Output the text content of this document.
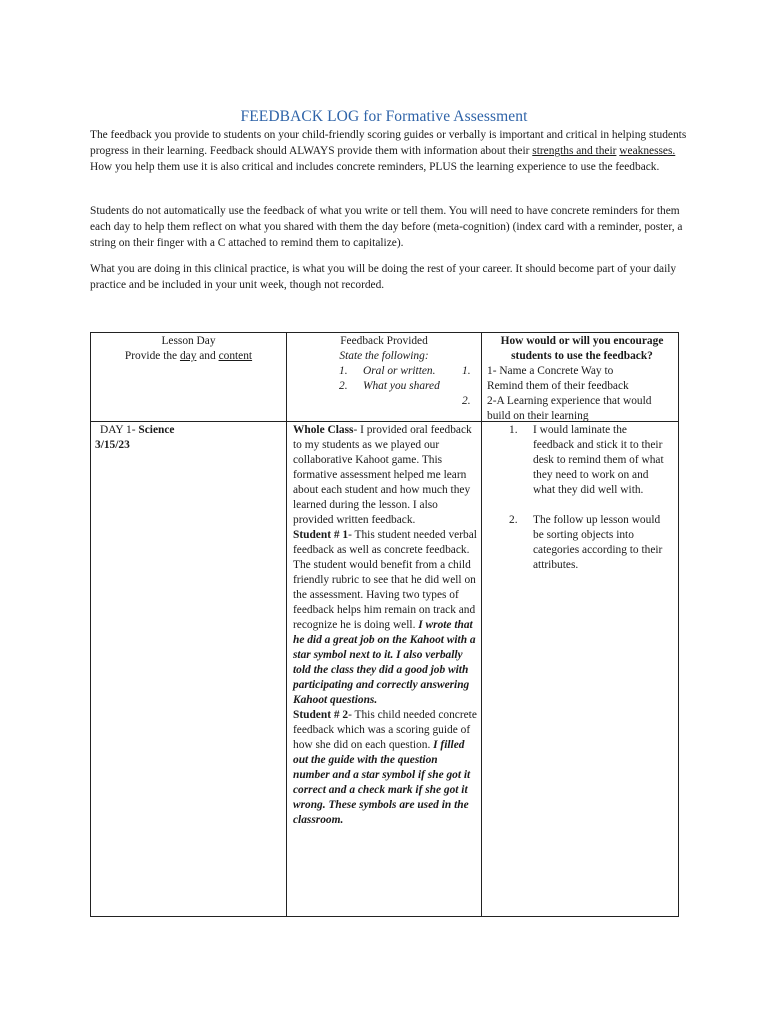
FEEDBACK LOG for Formative Assessment

The feedback you provide to students on your child-friendly scoring guides or verbally is important and critical in helping students progress in their learning. Feedback should ALWAYS provide them with information about their strengths and their weaknesses. How you help them use it is also critical and includes concrete reminders, PLUS the learning experience to use the feedback.

Students do not automatically use the feedback of what you write or tell them. You will need to have concrete reminders for them each day to help them reflect on what you shared with them the day before (meta-cognition) (index card with a reminder, poster, a string on their finger with a C attached to remind them to capitalize).

What you are doing in this clinical practice, is what you will be doing the rest of your career. It should become part of your daily practice and be included in your unit week, though not recorded.

Lesson Day
Provide the day and content
Feedback Provided
State the following:
1. Oral or written.
2. What you shared
1.
2.
How would or will you encourage students to use the feedback?
1- Name a Concrete Way to
Remind them of their feedback
2-A Learning experience that would
build on their learning
DAY 1- Science
3/15/23
Whole Class- I provided oral feedback to my students as we played our collaborative Kahoot game. This formative assessment helped me learn about each student and how much they learned during the lesson. I also provided written feedback.
Student # 1- This student needed verbal feedback as well as concrete feedback. The student would benefit from a child friendly rubric to see that he did well on the assessment. Having two types of feedback helps him remain on track and recognize he is doing well. I wrote that he did a great job on the Kahoot with a star symbol next to it. I also verbally told the class they did a good job with participating and correctly answering Kahoot questions.
Student # 2- This child needed concrete feedback which was a scoring guide of how she did on each question. I filled out the guide with the question number and a star symbol if she got it correct and a check mark if she got it wrong. These symbols are used in the classroom.
1. I would laminate the feedback and stick it to their desk to remind them of what they need to work on and what they did well with.
2. The follow up lesson would be sorting objects into categories according to their attributes.
